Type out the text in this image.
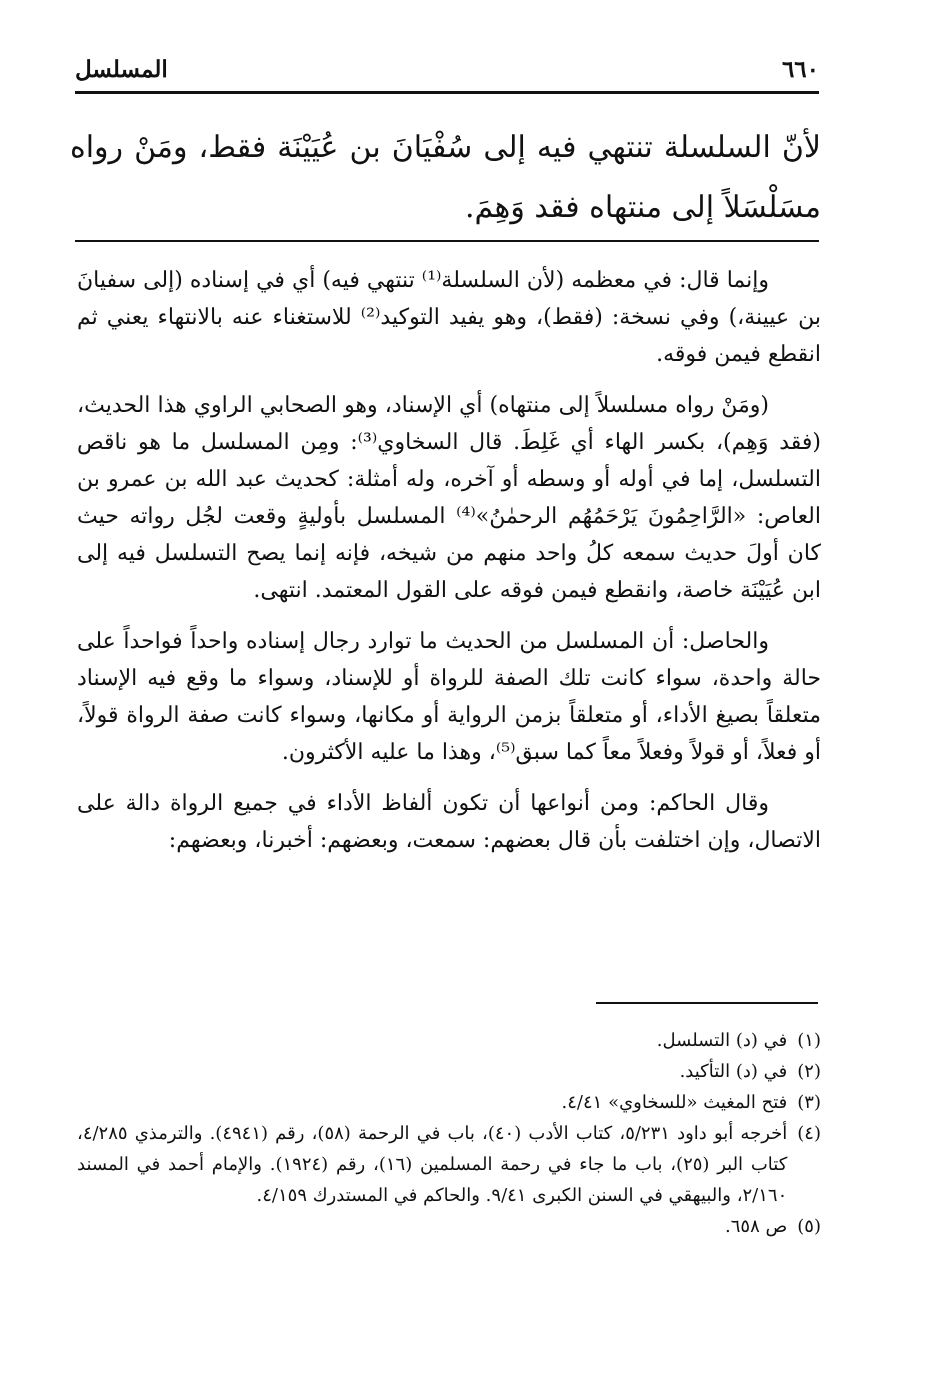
المسلسل	٦٦٠
لأنّ السلسلة تنتهي فيه إلى سُفْيَانَ بن عُيَيْنَة فقط، ومَنْ رواه مسَلْسَلاً إلى منتهاه فقد وَهِمَ.

وإنما قال: في معظمه (لأن السلسلة⁽¹⁾ تنتهي فيه) أي في إسناده (إلى سفيانَ بن عيينة،) وفي نسخة: (فقط)، وهو يفيد التوكيد⁽²⁾ للاستغناء عنه بالانتهاء يعني ثم انقطع فيمن فوقه.

(ومَنْ رواه مسلسلاً إلى منتهاه) أي الإسناد، وهو الصحابي الراوي هذا الحديث، (فقد وَهِم)، بكسر الهاء أي غَلِطَ. قال السخاوي⁽³⁾: ومِن المسلسل ما هو ناقص التسلسل، إما في أوله أو وسطه أو آخره، وله أمثلة: كحديث عبد الله بن عمرو بن العاص: «الرَّاحِمُونَ يَرْحَمُهُم الرحمٰنُ»⁽⁴⁾ المسلسل بأوليةٍ وقعت لجُل رواته حيث كان أولَ حديث سمعه كلُ واحد منهم من شيخه، فإنه إنما يصح التسلسل فيه إلى ابن عُيَيْنَة خاصة، وانقطع فيمن فوقه على القول المعتمد. انتهى.

والحاصل: أن المسلسل من الحديث ما توارد رجال إسناده واحداً فواحداً على حالة واحدة، سواء كانت تلك الصفة للرواة أو للإسناد، وسواء ما وقع فيه الإسناد متعلقاً بصيغ الأداء، أو متعلقاً بزمن الرواية أو مكانها، وسواء كانت صفة الرواة قولاً، أو فعلاً، أو قولاً وفعلاً معاً كما سبق⁽⁵⁾، وهذا ما عليه الأكثرون.

وقال الحاكم: ومن أنواعها أن تكون ألفاظ الأداء في جميع الرواة دالة على الاتصال، وإن اختلفت بأن قال بعضهم: سمعت، وبعضهم: أخبرنا، وبعضهم:

(١)
في (د) التسلسل.
(٢)
في (د) التأكيد.
(٣)
فتح المغيث «للسخاوي» ٤/٤١.
(٤)
أخرجه أبو داود ٥/٢٣١، كتاب الأدب (٤٠)، باب في الرحمة (٥٨)، رقم (٤٩٤١). والترمذي ٤/٢٨٥، كتاب البر (٢٥)، باب ما جاء في رحمة المسلمين (١٦)، رقم (١٩٢٤). والإمام أحمد في المسند ٢/١٦٠، والبيهقي في السنن الكبرى ٩/٤١. والحاكم في المستدرك ٤/١٥٩.
(٥)
ص ٦٥٨.
